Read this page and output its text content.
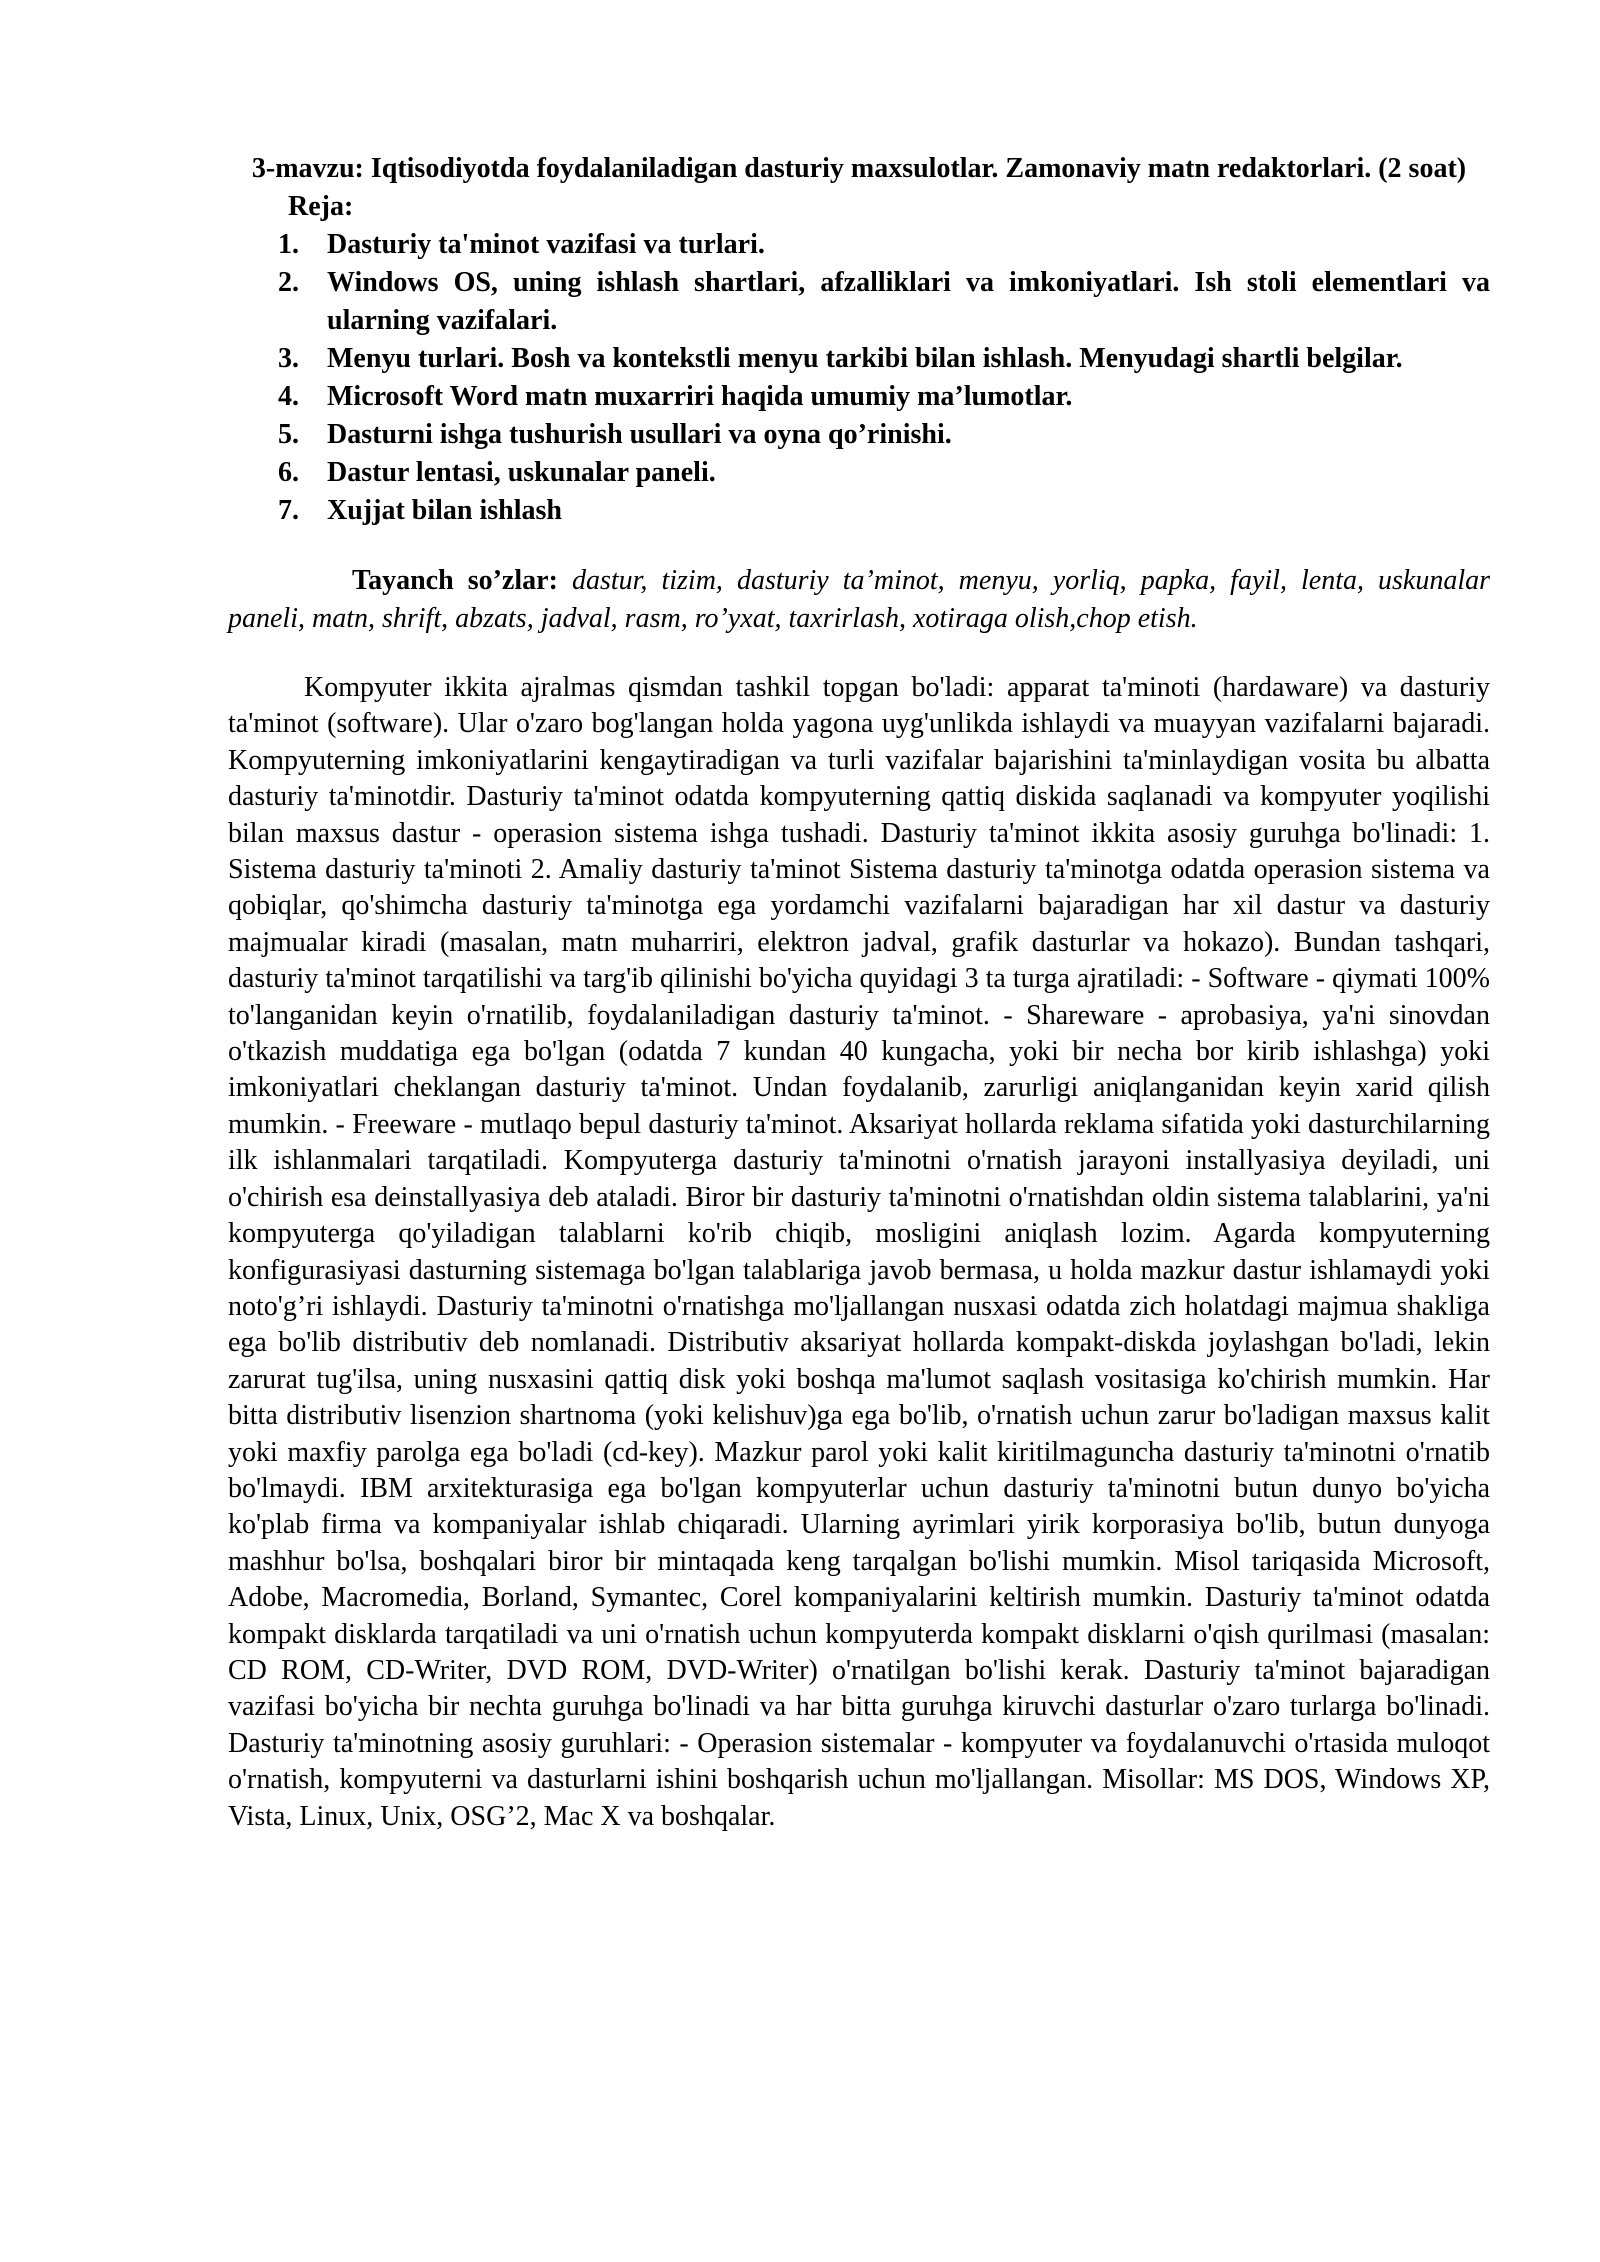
3-mavzu: Iqtisodiyotda foydalaniladigan dasturiy maxsulotlar. Zamonaviy matn redaktorlari. (2 soat)
Reja:
1. Dasturiy ta'minot vazifasi va turlari.
2. Windows OS, uning ishlash shartlari, afzalliklari va imkoniyatlari. Ish stoli elementlari va ularning vazifalari.
3. Menyu turlari. Bosh va kontekstli menyu tarkibi bilan ishlash. Menyudagi shartli belgilar.
4. Microsoft Word matn muxarriri haqida umumiy ma’lumotlar.
5. Dasturni ishga tushurish usullari va oyna qo’rinishi.
6. Dastur lentasi, uskunalar paneli.
7. Xujjat bilan ishlash

Tayanch so’zlar: dastur, tizim, dasturiy ta’minot, menyu, yorliq, papka, fayil, lenta, uskunalar paneli, matn, shrift, abzats, jadval, rasm, ro’yxat, taxrirlash, xotiraga olish,chop etish.

Kompyuter ikkita ajralmas qismdan tashkil topgan bo'ladi: apparat ta'minoti (hardaware) va dasturiy ta'minot (software). Ular o'zaro bog'langan holda yagona uyg'unlikda ishlaydi va muayyan vazifalarni bajaradi. Kompyuterning imkoniyatlarini kengaytiradigan va turli vazifalar bajarishini ta'minlaydigan vosita bu albatta dasturiy ta'minotdir. Dasturiy ta'minot odatda kompyuterning qattiq diskida saqlanadi va kompyuter yoqilishi bilan maxsus dastur - operasion sistema ishga tushadi. Dasturiy ta'minot ikkita asosiy guruhga bo'linadi: 1. Sistema dasturiy ta'minoti 2. Amaliy dasturiy ta'minot Sistema dasturiy ta'minotga odatda operasion sistema va qobiqlar, qo'shimcha dasturiy ta'minotga ega yordamchi vazifalarni bajaradigan har xil dastur va dasturiy majmualar kiradi (masalan, matn muharriri, elektron jadval, grafik dasturlar va hokazo). Bundan tashqari, dasturiy ta'minot tarqatilishi va targ'ib qilinishi bo'yicha quyidagi 3 ta turga ajratiladi: - Software - qiymati 100% to'langanidan keyin o'rnatilib, foydalaniladigan dasturiy ta'minot. - Shareware - aprobasiya, ya'ni sinovdan o'tkazish muddatiga ega bo'lgan (odatda 7 kundan 40 kungacha, yoki bir necha bor kirib ishlashga) yoki imkoniyatlari cheklangan dasturiy ta'minot. Undan foydalanib, zarurligi aniqlanganidan keyin xarid qilish mumkin. - Freeware - mutlaqo bepul dasturiy ta'minot. Aksariyat hollarda reklama sifatida yoki dasturchilarning ilk ishlanmalari tarqatiladi. Kompyuterga dasturiy ta'minotni o'rnatish jarayoni installyasiya deyiladi, uni o'chirish esa deinstallyasiya deb ataladi. Biror bir dasturiy ta'minotni o'rnatishdan oldin sistema talablarini, ya'ni kompyuterga qo'yiladigan talablarni ko'rib chiqib, mosligini aniqlash lozim. Agarda kompyuterning konfigurasiyasi dasturning sistemaga bo'lgan talablariga javob bermasa, u holda mazkur dastur ishlamaydi yoki noto'g’ri ishlaydi. Dasturiy ta'minotni o'rnatishga mo'ljallangan nusxasi odatda zich holatdagi majmua shakliga ega bo'lib distributiv deb nomlanadi. Distributiv aksariyat hollarda kompakt-diskda joylashgan bo'ladi, lekin zarurat tug'ilsa, uning nusxasini qattiq disk yoki boshqa ma'lumot saqlash vositasiga ko'chirish mumkin. Har bitta distributiv lisenzion shartnoma (yoki kelishuv)ga ega bo'lib, o'rnatish uchun zarur bo'ladigan maxsus kalit yoki maxfiy parolga ega bo'ladi (cd-key). Mazkur parol yoki kalit kiritilmaguncha dasturiy ta'minotni o'rnatib bo'lmaydi. IBM arxitekturasiga ega bo'lgan kompyuterlar uchun dasturiy ta'minotni butun dunyo bo'yicha ko'plab firma va kompaniyalar ishlab chiqaradi. Ularning ayrimlari yirik korporasiya bo'lib, butun dunyoga mashhur bo'lsa, boshqalari biror bir mintaqada keng tarqalgan bo'lishi mumkin. Misol tariqasida Microsoft, Adobe, Macromedia, Borland, Symantec, Corel kompaniyalarini keltirish mumkin. Dasturiy ta'minot odatda kompakt disklarda tarqatiladi va uni o'rnatish uchun kompyuterda kompakt disklarni o'qish qurilmasi (masalan: CD ROM, CD-Writer, DVD ROM, DVD-Writer) o'rnatilgan bo'lishi kerak. Dasturiy ta'minot bajaradigan vazifasi bo'yicha bir nechta guruhga bo'linadi va har bitta guruhga kiruvchi dasturlar o'zaro turlarga bo'linadi. Dasturiy ta'minotning asosiy guruhlari: - Operasion sistemalar - kompyuter va foydalanuvchi o'rtasida muloqot o'rnatish, kompyuterni va dasturlarni ishini boshqarish uchun mo'ljallangan. Misollar: MS DOS, Windows XP, Vista, Linux, Unix, OSG’2, Mac X va boshqalar.
